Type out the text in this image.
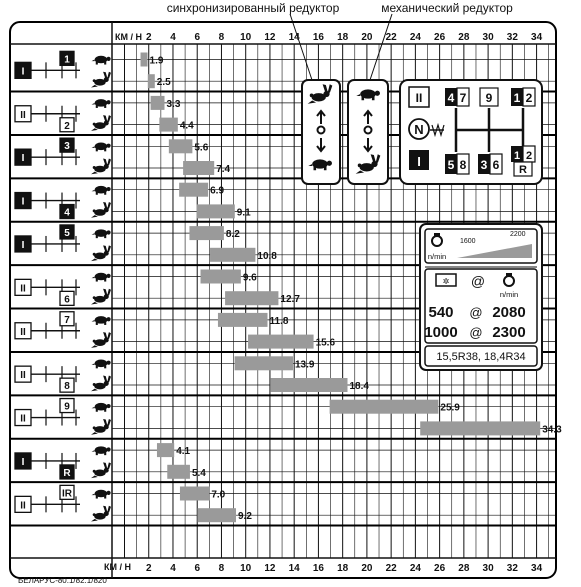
синхронизированный редуктор	механический редуктор
КМ / Н
КМ / Н
2 4 6 8 10 12 14 16 18 20 22 24 26 28 30 32 34
2 4 6 8 10 12 14 16 18 20 22 24 26 28 30 32 34
1.9
2.5
3.3
4.4
5.6
7.4
6.9
9.1
8.2
10.8
9.6
12.7
11.8
15.6
13.9
18.4
25.9
34.3
4.1
5.4
7.0
9.2
I
1
II
2
I
3
I
4
I
5
II
6
II
7
II
8
II
9
I
R
II
IR
II
N
I
4 7 9 1 2
5 8 3 6
1 2
R
n/min
1600
2200
✲ @
n/min
540 @ 2080
1000 @ 2300
15,5R38, 18,4R34
БЕЛАРУС-80.1/82.1/820
